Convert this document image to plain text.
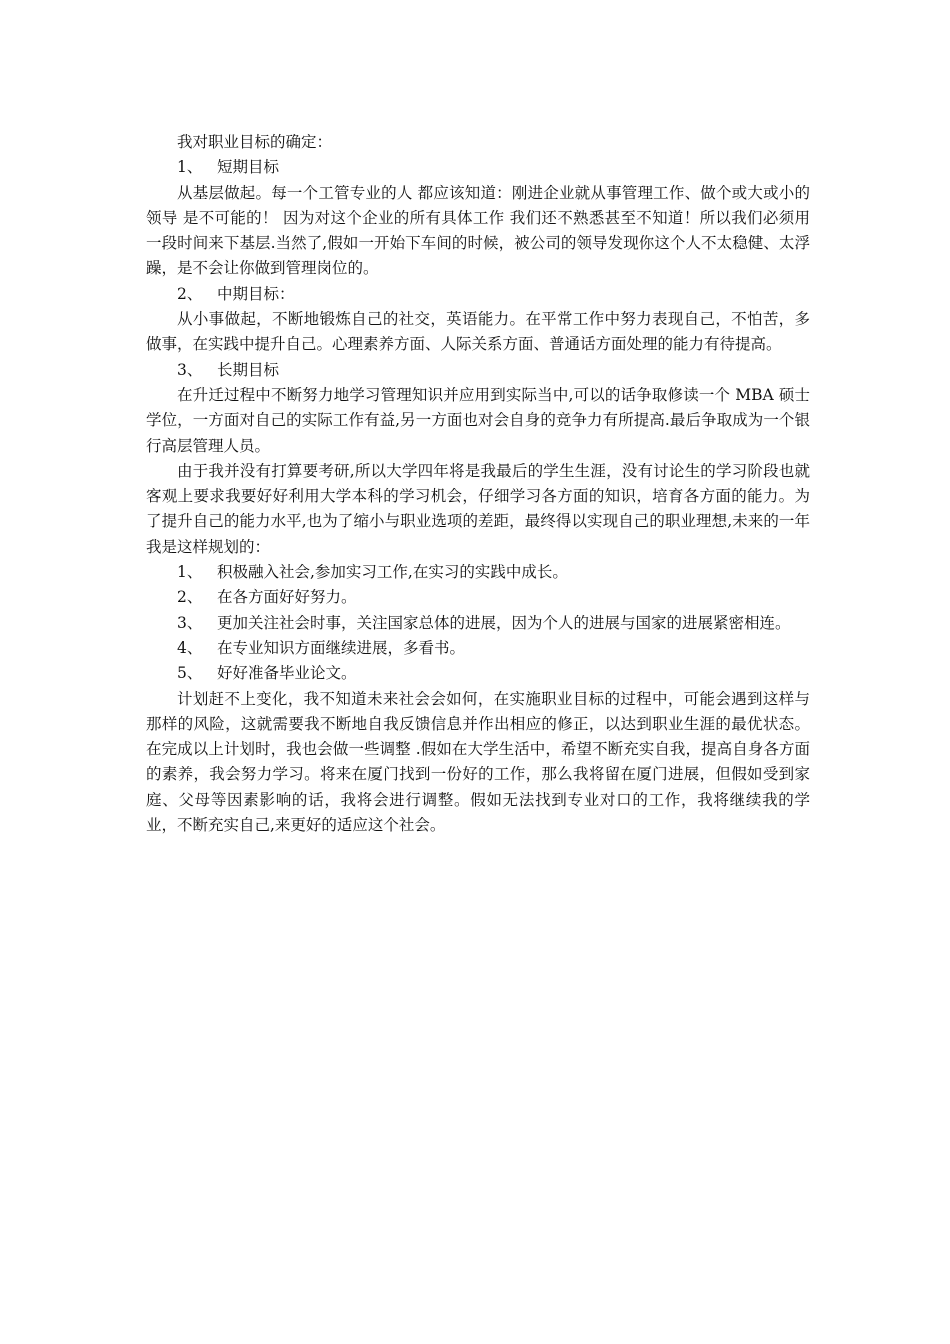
我对职业目标的确定：

1、 短期目标

从基层做起。每一个工管专业的人 都应该知道：刚进企业就从事管理工作、做个或大或小的领导 是不可能的！ 因为对这个企业的所有具体工作 我们还不熟悉甚至不知道！所以我们必须用一段时间来下基层.当然了,假如一开始下车间的时候，被公司的领导发现你这个人不太稳健、太浮躁，是不会让你做到管理岗位的。

2、 中期目标：

从小事做起，不断地锻炼自己的社交，英语能力。在平常工作中努力表现自己，不怕苦，多做事，在实践中提升自己。心理素养方面、人际关系方面、普通话方面处理的能力有待提高。

3、 长期目标

在升迁过程中不断努力地学习管理知识并应用到实际当中,可以的话争取修读一个 MBA 硕士学位，一方面对自己的实际工作有益,另一方面也对会自身的竞争力有所提高.最后争取成为一个银行高层管理人员。

由于我并没有打算要考研,所以大学四年将是我最后的学生生涯，没有讨论生的学习阶段也就客观上要求我要好好利用大学本科的学习机会，仔细学习各方面的知识，培育各方面的能力。为了提升自己的能力水平,也为了缩小与职业选项的差距，最终得以实现自己的职业理想,未来的一年我是这样规划的：

1、 积极融入社会,参加实习工作,在实习的实践中成长。

2、 在各方面好好努力。

3、 更加关注社会时事，关注国家总体的进展，因为个人的进展与国家的进展紧密相连。

4、 在专业知识方面继续进展，多看书。

5、 好好准备毕业论文。

计划赶不上变化，我不知道未来社会会如何，在实施职业目标的过程中，可能会遇到这样与那样的风险，这就需要我不断地自我反馈信息并作出相应的修正，以达到职业生涯的最优状态。在完成以上计划时，我也会做一些调整 .假如在大学生活中，希望不断充实自我，提高自身各方面的素养，我会努力学习。将来在厦门找到一份好的工作，那么我将留在厦门进展，但假如受到家庭、父母等因素影响的话，我将会进行调整。假如无法找到专业对口的工作，我将继续我的学业，不断充实自己,来更好的适应这个社会。
